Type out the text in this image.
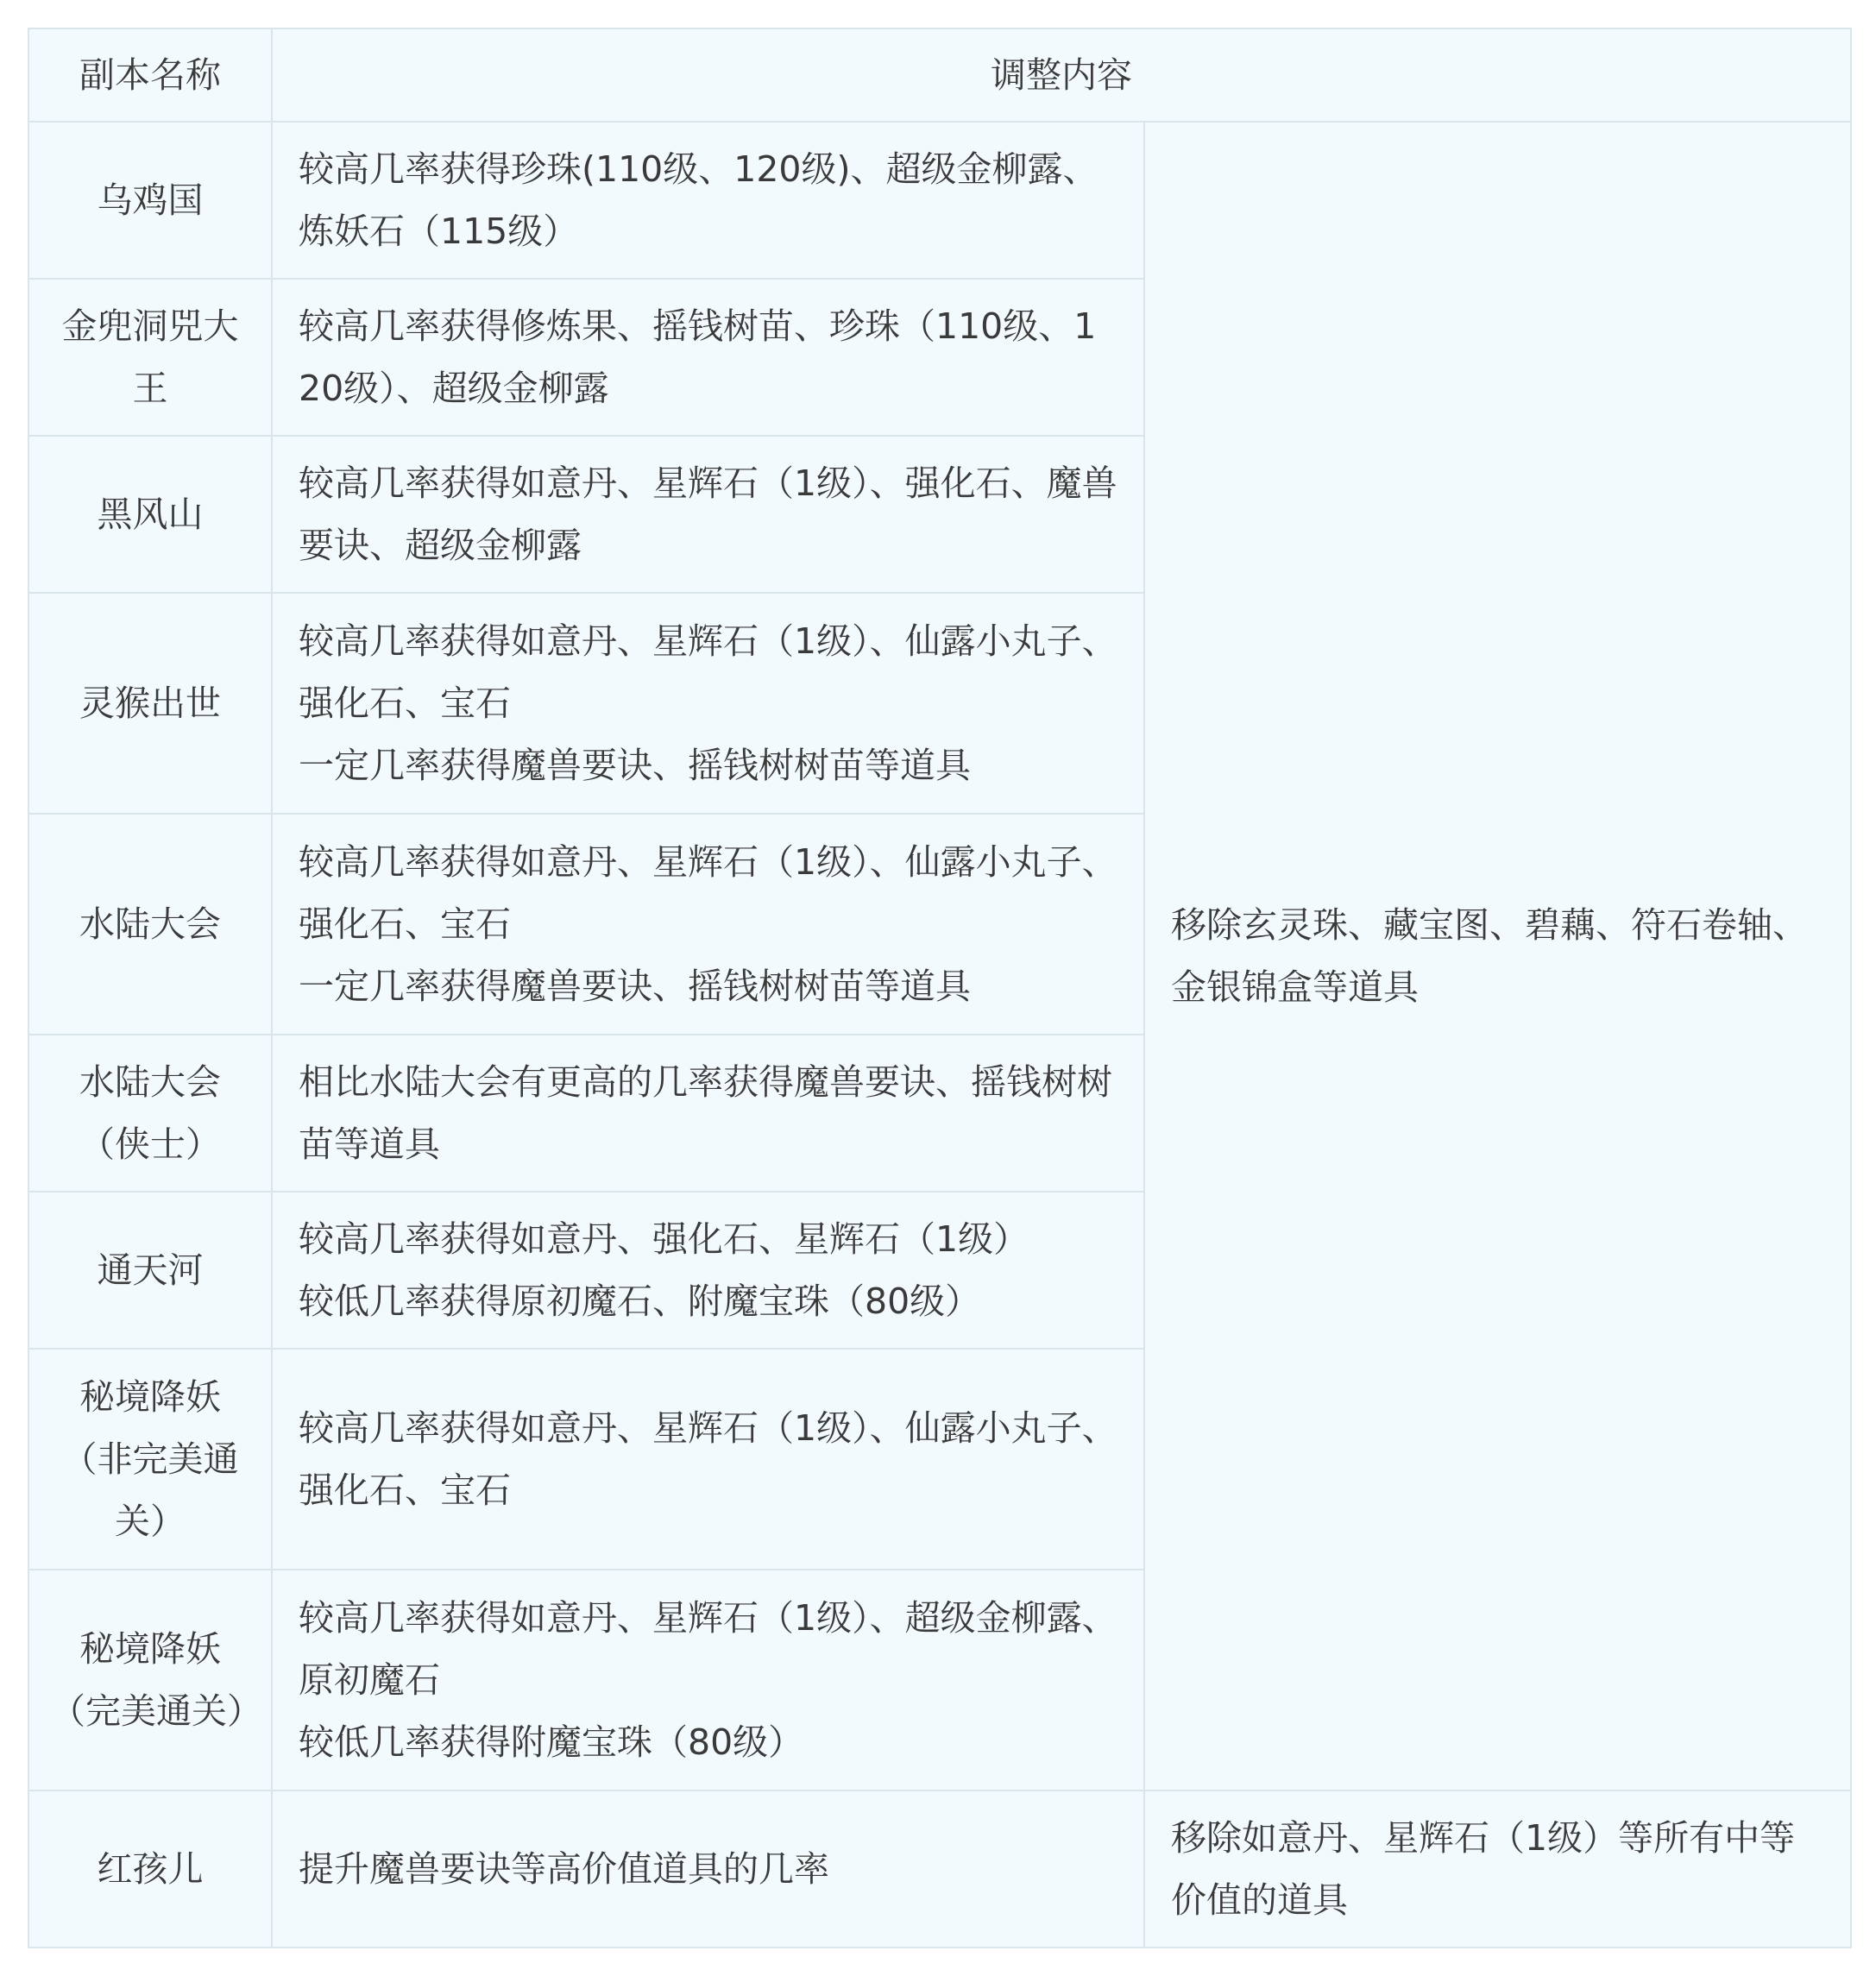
副本名称	调整内容	
乌鸡国	较高几率获得珍珠(110级、120级)、超级金柳露、炼妖石（115级）	移除玄灵珠、藏宝图、碧藕、符石卷轴、金银锦盒等道具
金兜洞兕大王	较高几率获得修炼果、摇钱树苗、珍珠（110级、120级）、超级金柳露	

黑风山	较高几率获得如意丹、星辉石（1级）、强化石、魔兽要诀、超级金柳露	

灵猴出世	较高几率获得如意丹、星辉石（1级）、仙露小丸子、强化石、宝石
一定几率获得魔兽要诀、摇钱树树苗等道具	

水陆大会	较高几率获得如意丹、星辉石（1级）、仙露小丸子、强化石、宝石
一定几率获得魔兽要诀、摇钱树树苗等道具	

水陆大会（侠士）	相比水陆大会有更高的几率获得魔兽要诀、摇钱树树苗等道具	

通天河	较高几率获得如意丹、强化石、星辉石（1级）
较低几率获得原初魔石、附魔宝珠（80级）	

秘境降妖（非完美通关）	较高几率获得如意丹、星辉石（1级）、仙露小丸子、强化石、宝石	

秘境降妖（完美通关）	较高几率获得如意丹、星辉石（1级）、超级金柳露、原初魔石
较低几率获得附魔宝珠（80级）	

红孩儿	提升魔兽要诀等高价值道具的几率	移除如意丹、星辉石（1级）等所有中等价值的道具
